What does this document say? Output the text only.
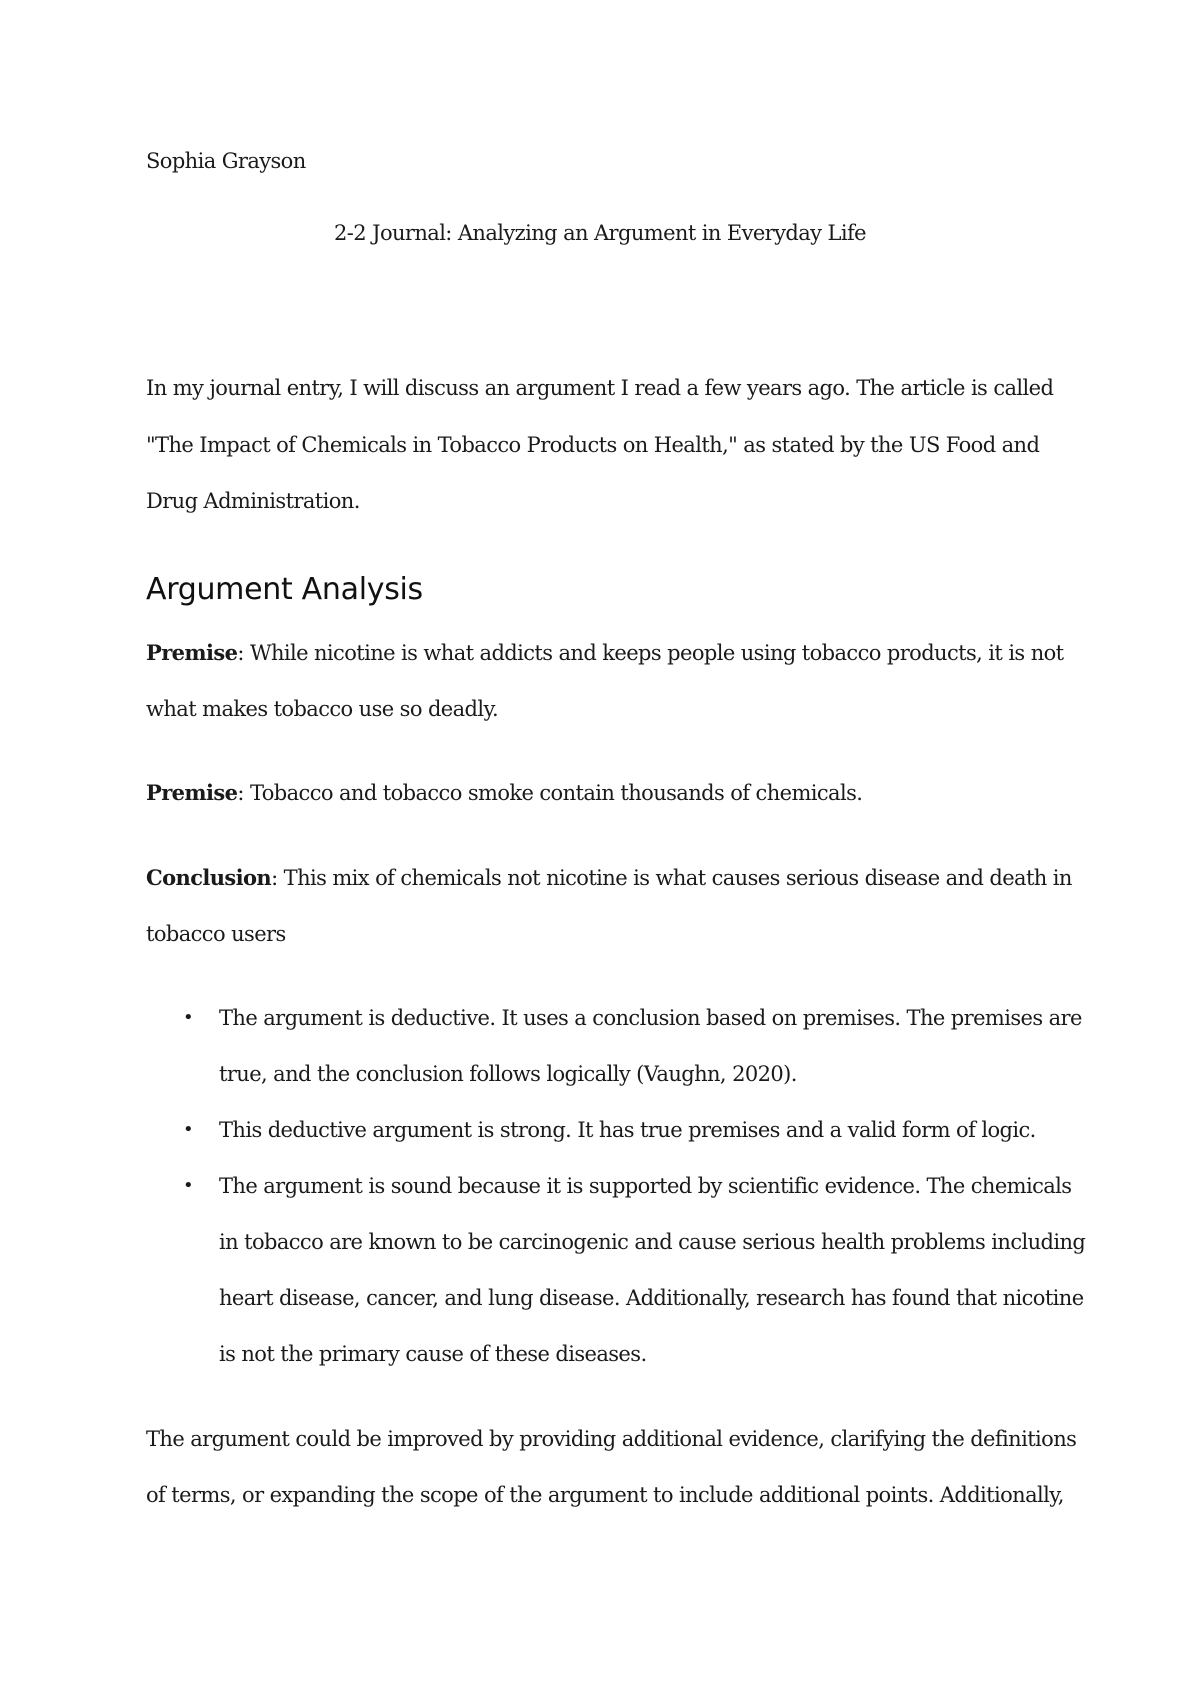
Sophia Grayson
2-2 Journal: Analyzing an Argument in Everyday Life
In my journal entry, I will discuss an argument I read a few years ago. The article is called
"The Impact of Chemicals in Tobacco Products on Health," as stated by the US Food and
Drug Administration.
Argument Analysis
Premise: While nicotine is what addicts and keeps people using tobacco products, it is not
what makes tobacco use so deadly.
Premise: Tobacco and tobacco smoke contain thousands of chemicals.
Conclusion: This mix of chemicals not nicotine is what causes serious disease and death in
tobacco users
• The argument is deductive. It uses a conclusion based on premises. The premises are
true, and the conclusion follows logically (Vaughn, 2020).
• This deductive argument is strong. It has true premises and a valid form of logic.
• The argument is sound because it is supported by scientific evidence. The chemicals
in tobacco are known to be carcinogenic and cause serious health problems including
heart disease, cancer, and lung disease. Additionally, research has found that nicotine
is not the primary cause of these diseases.
The argument could be improved by providing additional evidence, clarifying the definitions
of terms, or expanding the scope of the argument to include additional points. Additionally,
